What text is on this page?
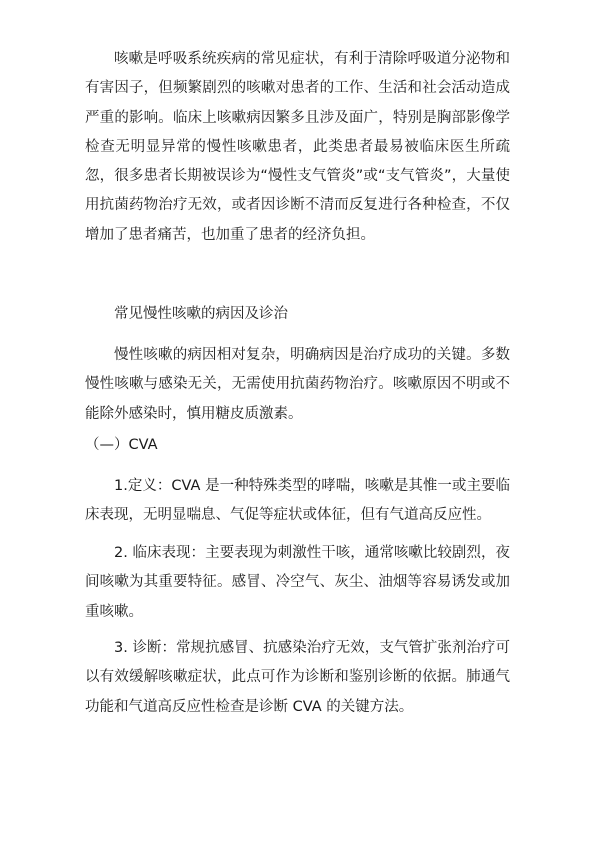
咳嗽是呼吸系统疾病的常见症状，有利于清除呼吸道分泌物和有害因子，但频繁剧烈的咳嗽对患者的工作、生活和社会活动造成严重的影响。临床上咳嗽病因繁多且涉及面广，特别是胸部影像学检查无明显异常的慢性咳嗽患者，此类患者最易被临床医生所疏忽，很多患者长期被误诊为“慢性支气管炎”或“支气管炎”，大量使用抗菌药物治疗无效，或者因诊断不清而反复进行各种检查，不仅增加了患者痛苦，也加重了患者的经济负担。

常见慢性咳嗽的病因及诊治

慢性咳嗽的病因相对复杂，明确病因是治疗成功的关键。多数慢性咳嗽与感染无关，无需使用抗菌药物治疗。咳嗽原因不明或不能除外感染时，慎用糖皮质激素。

（—）CVA

1.定义：CVA 是一种特殊类型的哮喘，咳嗽是其惟一或主要临床表现，无明显喘息、气促等症状或体征，但有气道高反应性。

2. 临床表现：主要表现为刺激性干咳，通常咳嗽比较剧烈，夜间咳嗽为其重要特征。感冒、冷空气、灰尘、油烟等容易诱发或加重咳嗽。

3. 诊断：常规抗感冒、抗感染治疗无效，支气管扩张剂治疗可以有效缓解咳嗽症状，此点可作为诊断和鉴别诊断的依据。肺通气功能和气道高反应性检查是诊断 CVA 的关键方法。
